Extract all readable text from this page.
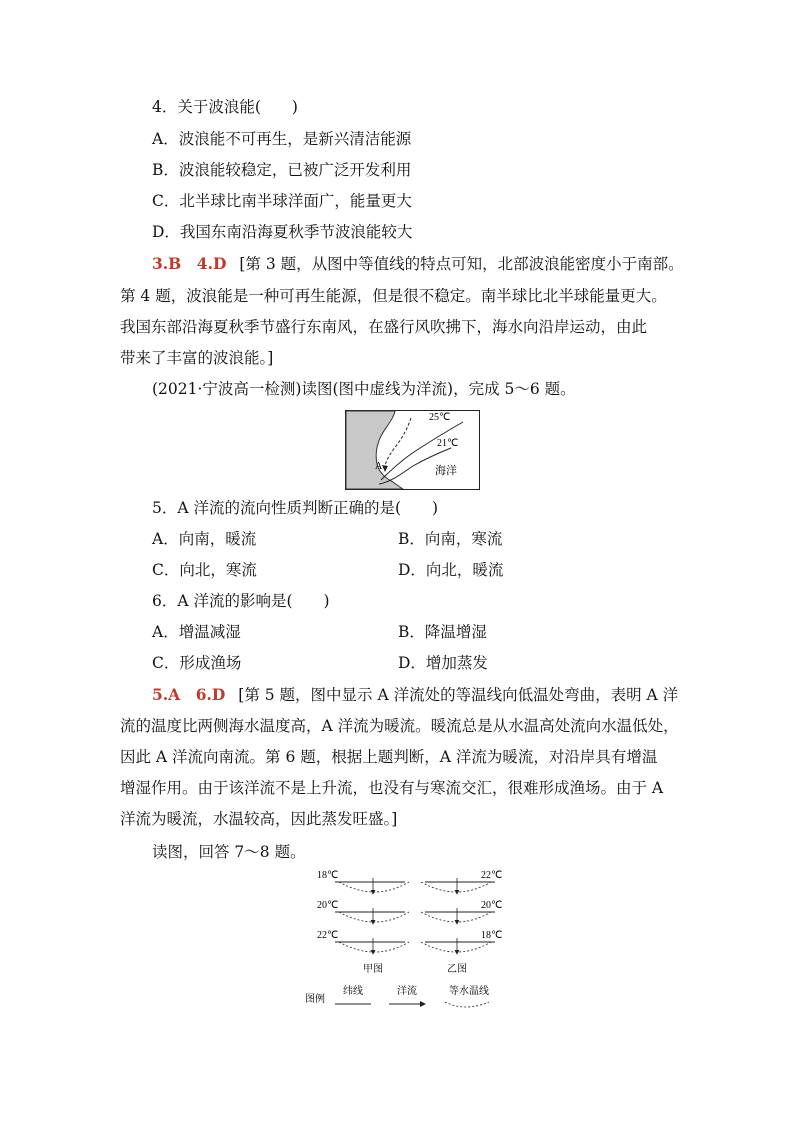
4．关于波浪能(　　)
A．波浪能不可再生，是新兴清洁能源
B．波浪能较稳定，已被广泛开发利用
C．北半球比南半球洋面广，能量更大
D．我国东南沿海夏秋季节波浪能较大
3.B　4.D [第 3 题，从图中等值线的特点可知，北部波浪能密度小于南部。
第 4 题，波浪能是一种可再生能源，但是很不稳定。南半球比北半球能量更大。
我国东部沿海夏秋季节盛行东南风，在盛行风吹拂下，海水向沿岸运动，由此
带来了丰富的波浪能。]
(2021·宁波高一检测)读图(图中虚线为洋流)，完成 5～6 题。
25℃
21℃
A	海洋
5．A 洋流的流向性质判断正确的是(　　)
A．向南，暖流	B．向南，寒流
C．向北，寒流	D．向北，暖流
6．A 洋流的影响是(　　)
A．增温减湿	B．降温增湿
C．形成渔场	D．增加蒸发
5.A　6.D [第 5 题，图中显示 A 洋流处的等温线向低温处弯曲，表明 A 洋
流的温度比两侧海水温度高，A 洋流为暖流。暖流总是从水温高处流向水温低处，
因此 A 洋流向南流。第 6 题，根据上题判断，A 洋流为暖流，对沿岸具有增温
增湿作用。由于该洋流不是上升流，也没有与寒流交汇，很难形成渔场。由于 A
洋流为暖流，水温较高，因此蒸发旺盛。]
读图，回答 7～8 题。
18℃
20℃
22℃
甲图
22℃
20℃
18℃
乙图
图例
纬线	洋流	等水温线
